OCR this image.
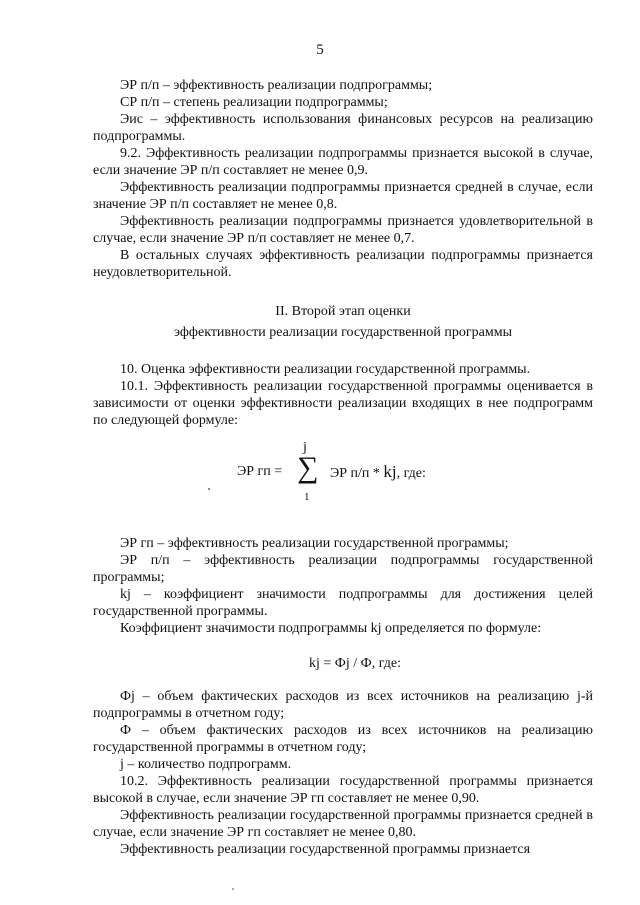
5

ЭР п/п – эффективность реализации подпрограммы;

СР п/п – степень реализации подпрограммы;

Эис – эффективность использования финансовых ресурсов на реализацию подпрограммы.

9.2. Эффективность реализации подпрограммы признается высокой в случае, если значение ЭР п/п составляет не менее 0,9.

Эффективность реализации подпрограммы признается средней в случае, если значение ЭР п/п составляет не менее 0,8.

Эффективность реализации подпрограммы признается удовлетворительной в случае, если значение ЭР п/п составляет не менее 0,7.

В остальных случаях эффективность реализации подпрограммы признается неудовлетворительной.

II. Второй этап оценки

эффективности реализации государственной программы

10. Оценка эффективности реализации государственной программы.

10.1. Эффективность реализации государственной программы оценивается в зависимости от оценки эффективности реализации входящих в нее подпрограмм по следующей формуле:

ЭР гп =
j
∑
1
ЭР п/п * kj, где:

ЭР гп – эффективность реализации государственной программы;

ЭР п/п – эффективность реализации подпрограммы государственной программы;

kj – коэффициент значимости подпрограммы для достижения целей государственной программы.

Коэффициент значимости подпрограммы kj определяется по формуле:

kj = Фj / Ф, где:

Фj – объем фактических расходов из всех источников на реализацию j-й подпрограммы в отчетном году;

Ф – объем фактических расходов из всех источников на реализацию государственной программы в отчетном году;

j – количество подпрограмм.

10.2. Эффективность реализации государственной программы признается высокой в случае, если значение ЭР гп составляет не менее 0,90.

Эффективность реализации государственной программы признается средней в случае, если значение ЭР гп составляет не менее 0,80.

Эффективность реализации государственной программы признается
